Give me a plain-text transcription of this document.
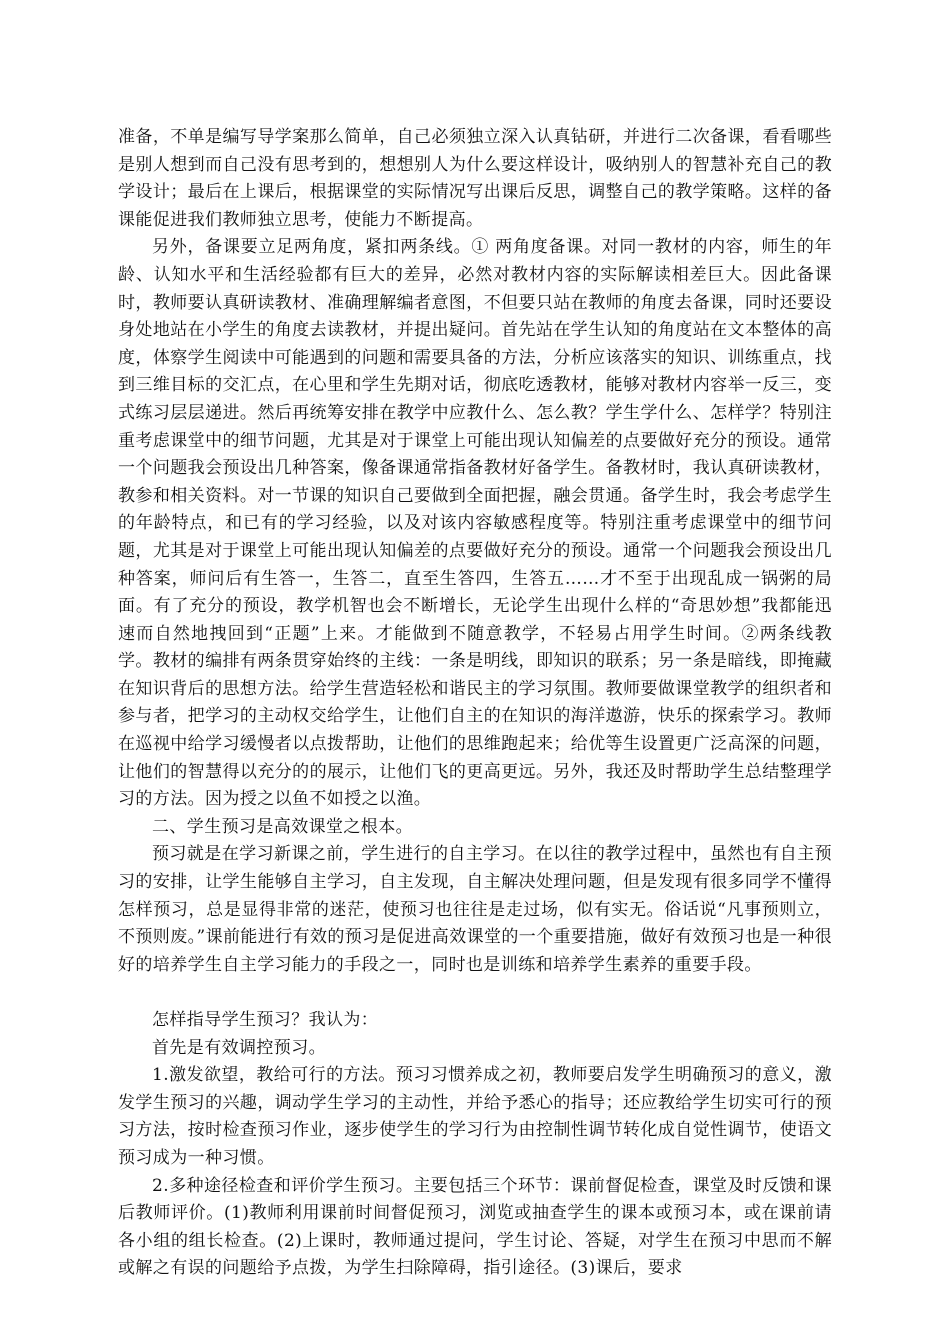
准备，不单是编写导学案那么简单，自己必须独立深入认真钻研，并进行二次备课，看看哪些是别人想到而自己没有思考到的，想想别人为什么要这样设计，吸纳别人的智慧补充自己的教学设计；最后在上课后，根据课堂的实际情况写出课后反思，调整自己的教学策略。这样的备课能促进我们教师独立思考，使能力不断提高。

另外，备课要立足两角度，紧扣两条线。① 两角度备课。对同一教材的内容，师生的年龄、认知水平和生活经验都有巨大的差异，必然对教材内容的实际解读相差巨大。因此备课时，教师要认真研读教材、准确理解编者意图，不但要只站在教师的角度去备课，同时还要设身处地站在小学生的角度去读教材，并提出疑问。首先站在学生认知的角度站在文本整体的高度，体察学生阅读中可能遇到的问题和需要具备的方法，分析应该落实的知识、训练重点，找到三维目标的交汇点，在心里和学生先期对话，彻底吃透教材，能够对教材内容举一反三，变式练习层层递进。然后再统筹安排在教学中应教什么、怎么教？学生学什么、怎样学？特别注重考虑课堂中的细节问题，尤其是对于课堂上可能出现认知偏差的点要做好充分的预设。通常一个问题我会预设出几种答案，像备课通常指备教材好备学生。备教材时，我认真研读教材，教参和相关资料。对一节课的知识自己要做到全面把握，融会贯通。备学生时，我会考虑学生的年龄特点，和已有的学习经验，以及对该内容敏感程度等。特别注重考虑课堂中的细节问题，尤其是对于课堂上可能出现认知偏差的点要做好充分的预设。通常一个问题我会预设出几种答案，师问后有生答一，生答二，直至生答四，生答五……才不至于出现乱成一锅粥的局面。有了充分的预设，教学机智也会不断增长，无论学生出现什么样的“奇思妙想”我都能迅速而自然地拽回到“正题”上来。才能做到不随意教学，不轻易占用学生时间。②两条线教学。教材的编排有两条贯穿始终的主线：一条是明线，即知识的联系；另一条是暗线，即掩藏在知识背后的思想方法。给学生营造轻松和谐民主的学习氛围。教师要做课堂教学的组织者和参与者，把学习的主动权交给学生，让他们自主的在知识的海洋遨游，快乐的探索学习。教师在巡视中给学习缓慢者以点拨帮助，让他们的思维跑起来；给优等生设置更广泛高深的问题，让他们的智慧得以充分的的展示，让他们飞的更高更远。另外，我还及时帮助学生总结整理学习的方法。因为授之以鱼不如授之以渔。

二、学生预习是高效课堂之根本。

预习就是在学习新课之前，学生进行的自主学习。在以往的教学过程中，虽然也有自主预习的安排，让学生能够自主学习，自主发现，自主解决处理问题，但是发现有很多同学不懂得怎样预习，总是显得非常的迷茫，使预习也往往是走过场，似有实无。俗话说“凡事预则立，不预则废。”课前能进行有效的预习是促进高效课堂的一个重要措施，做好有效预习也是一种很好的培养学生自主学习能力的手段之一，同时也是训练和培养学生素养的重要手段。

怎样指导学生预习？我认为：

首先是有效调控预习。

1.激发欲望，教给可行的方法。预习习惯养成之初，教师要启发学生明确预习的意义，激发学生预习的兴趣，调动学生学习的主动性，并给予悉心的指导；还应教给学生切实可行的预习方法，按时检查预习作业，逐步使学生的学习行为由控制性调节转化成自觉性调节，使语文预习成为一种习惯。

2.多种途径检查和评价学生预习。主要包括三个环节：课前督促检查，课堂及时反馈和课后教师评价。(1)教师利用课前时间督促预习，浏览或抽查学生的课本或预习本，或在课前请各小组的组长检查。(2)上课时，教师通过提问，学生讨论、答疑，对学生在预习中思而不解或解之有误的问题给予点拨，为学生扫除障碍，指引途径。(3)课后，要求
